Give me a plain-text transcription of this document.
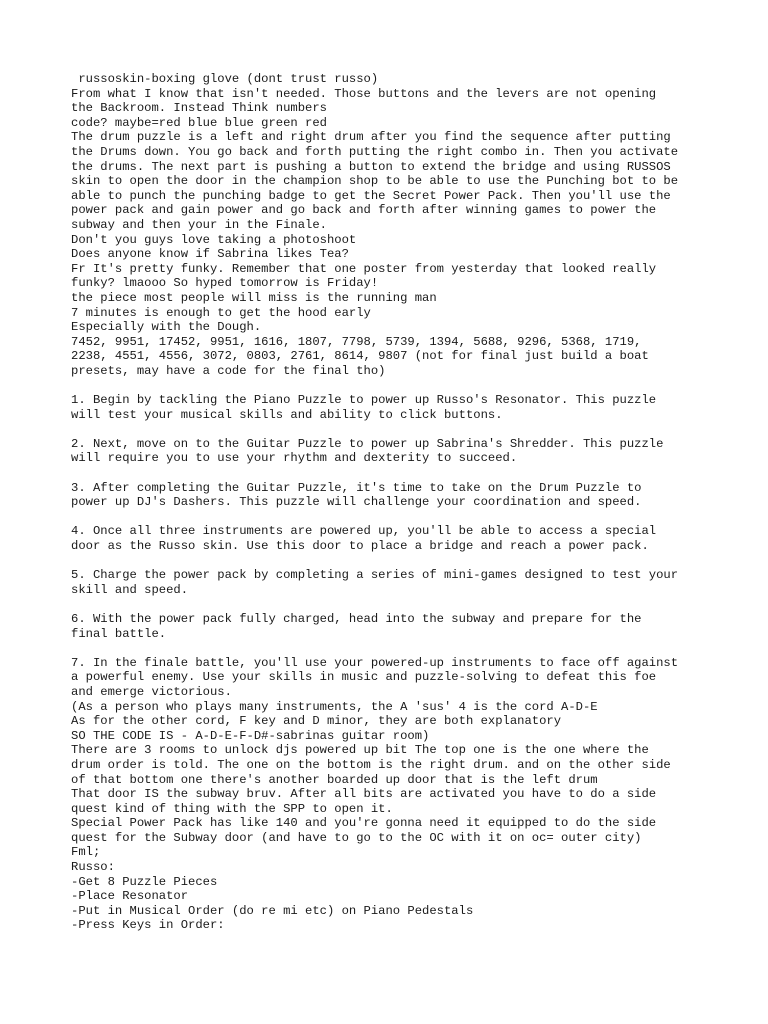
russoskin-boxing glove (dont trust russo)
From what I know that isn't needed. Those buttons and the levers are not opening
the Backroom. Instead Think numbers
code? maybe=red blue blue green red
The drum puzzle is a left and right drum after you find the sequence after putting
the Drums down. You go back and forth putting the right combo in. Then you activate
the drums. The next part is pushing a button to extend the bridge and using RUSSOS
skin to open the door in the champion shop to be able to use the Punching bot to be
able to punch the punching badge to get the Secret Power Pack. Then you'll use the
power pack and gain power and go back and forth after winning games to power the
subway and then your in the Finale.
Don't you guys love taking a photoshoot
Does anyone know if Sabrina likes Tea?
Fr It's pretty funky. Remember that one poster from yesterday that looked really
funky? lmaooo So hyped tomorrow is Friday!
the piece most people will miss is the running man
7 minutes is enough to get the hood early
Especially with the Dough.
7452, 9951, 17452, 9951, 1616, 1807, 7798, 5739, 1394, 5688, 9296, 5368, 1719,
2238, 4551, 4556, 3072, 0803, 2761, 8614, 9807 (not for final just build a boat
presets, may have a code for the final tho)
1. Begin by tackling the Piano Puzzle to power up Russo's Resonator. This puzzle
will test your musical skills and ability to click buttons.
2. Next, move on to the Guitar Puzzle to power up Sabrina's Shredder. This puzzle
will require you to use your rhythm and dexterity to succeed.
3. After completing the Guitar Puzzle, it's time to take on the Drum Puzzle to
power up DJ's Dashers. This puzzle will challenge your coordination and speed.
4. Once all three instruments are powered up, you'll be able to access a special
door as the Russo skin. Use this door to place a bridge and reach a power pack.
5. Charge the power pack by completing a series of mini-games designed to test your
skill and speed.
6. With the power pack fully charged, head into the subway and prepare for the
final battle.
7. In the finale battle, you'll use your powered-up instruments to face off against
a powerful enemy. Use your skills in music and puzzle-solving to defeat this foe
and emerge victorious.
(As a person who plays many instruments, the A 'sus' 4 is the cord A-D-E
As for the other cord, F key and D minor, they are both explanatory
SO THE CODE IS - A-D-E-F-D#-sabrinas guitar room)
There are 3 rooms to unlock djs powered up bit The top one is the one where the
drum order is told. The one on the bottom is the right drum. and on the other side
of that bottom one there's another boarded up door that is the left drum
That door IS the subway bruv. After all bits are activated you have to do a side
quest kind of thing with the SPP to open it.
Special Power Pack has like 140 and you're gonna need it equipped to do the side
quest for the Subway door (and have to go to the OC with it on oc= outer city)
Fml;
Russo:
-Get 8 Puzzle Pieces
-Place Resonator
-Put in Musical Order (do re mi etc) on Piano Pedestals
-Press Keys in Order:
